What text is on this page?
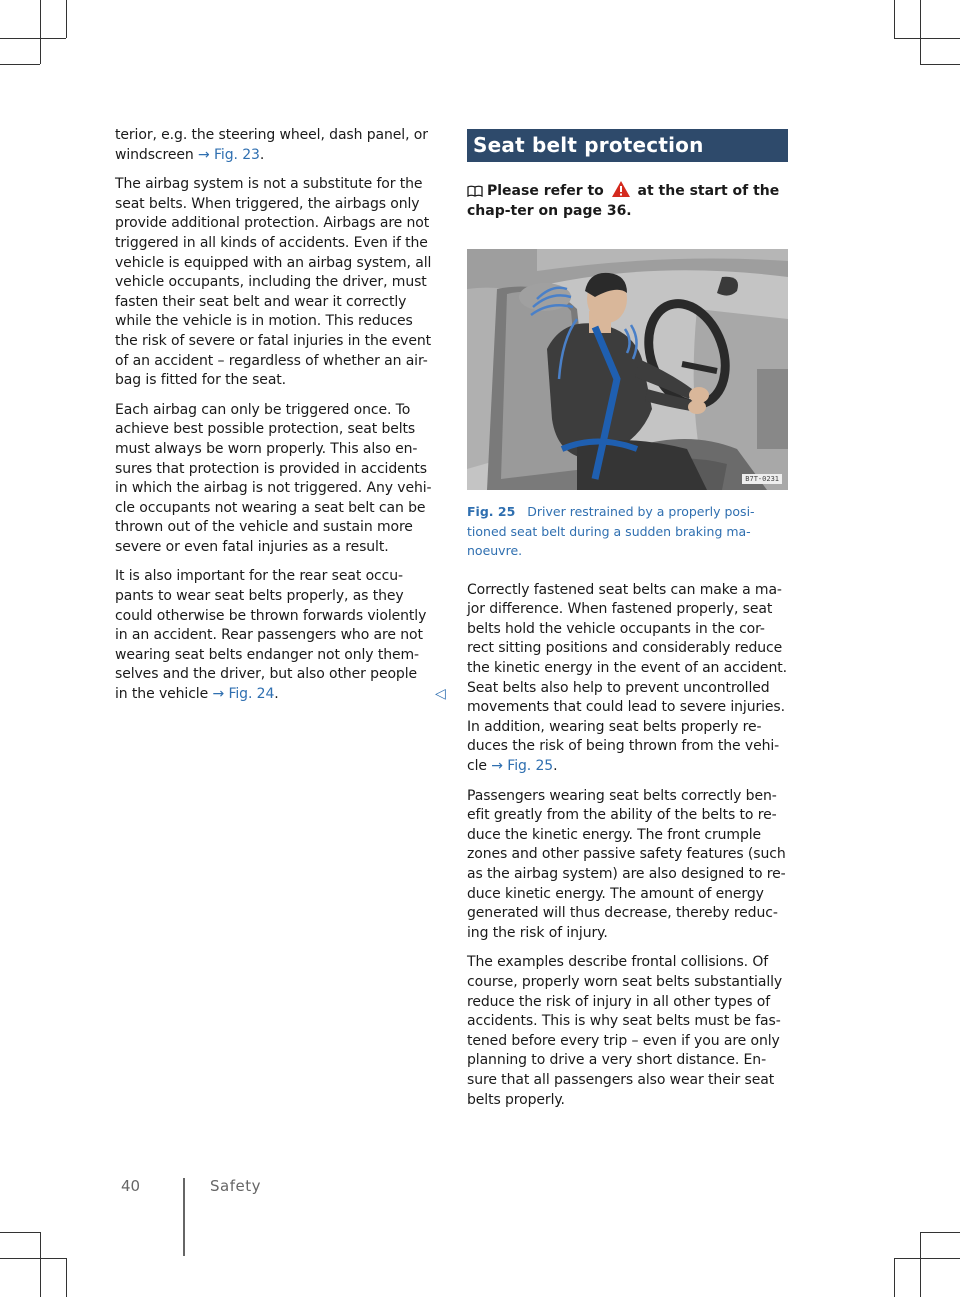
terior, e.g. the steering wheel, dash panel, or windscreen → Fig. 23.

The airbag system is not a substitute for the seat belts. When triggered, the airbags only provide additional protection. Airbags are not triggered in all kinds of accidents. Even if the vehicle is equipped with an airbag system, all vehicle occupants, including the driver, must fasten their seat belt and wear it correctly while the vehicle is in motion. This reduces the risk of severe or fatal injuries in the event of an accident – regardless of whether an air-bag is fitted for the seat.

Each airbag can only be triggered once. To achieve best possible protection, seat belts must always be worn properly. This also en-sures that protection is provided in accidents in which the airbag is not triggered. Any vehi-cle occupants not wearing a seat belt can be thrown out of the vehicle and sustain more severe or even fatal injuries as a result.

It is also important for the rear seat occu-pants to wear seat belts properly, as they could otherwise be thrown forwards violently in an accident. Rear passengers who are not wearing seat belts endanger not only them-selves and the driver, but also other people in the vehicle → Fig. 24.	◁
Seat belt protection

Please refer to at the start of the chap-ter on page 36.

B7T-0231

Fig. 25 Driver restrained by a properly posi-tioned seat belt during a sudden braking ma-noeuvre.

Correctly fastened seat belts can make a ma-jor difference. When fastened properly, seat belts hold the vehicle occupants in the cor-rect sitting positions and considerably reduce the kinetic energy in the event of an accident. Seat belts also help to prevent uncontrolled movements that could lead to severe injuries. In addition, wearing seat belts properly re-duces the risk of being thrown from the vehi-cle → Fig. 25.

Passengers wearing seat belts correctly ben-efit greatly from the ability of the belts to re-duce the kinetic energy. The front crumple zones and other passive safety features (such as the airbag system) are also designed to re-duce kinetic energy. The amount of energy generated will thus decrease, thereby reduc-ing the risk of injury.

The examples describe frontal collisions. Of course, properly worn seat belts substantially reduce the risk of injury in all other types of accidents. This is why seat belts must be fas-tened before every trip – even if you are only planning to drive a very short distance. En-sure that all passengers also wear their seat belts properly.

40	Safety
